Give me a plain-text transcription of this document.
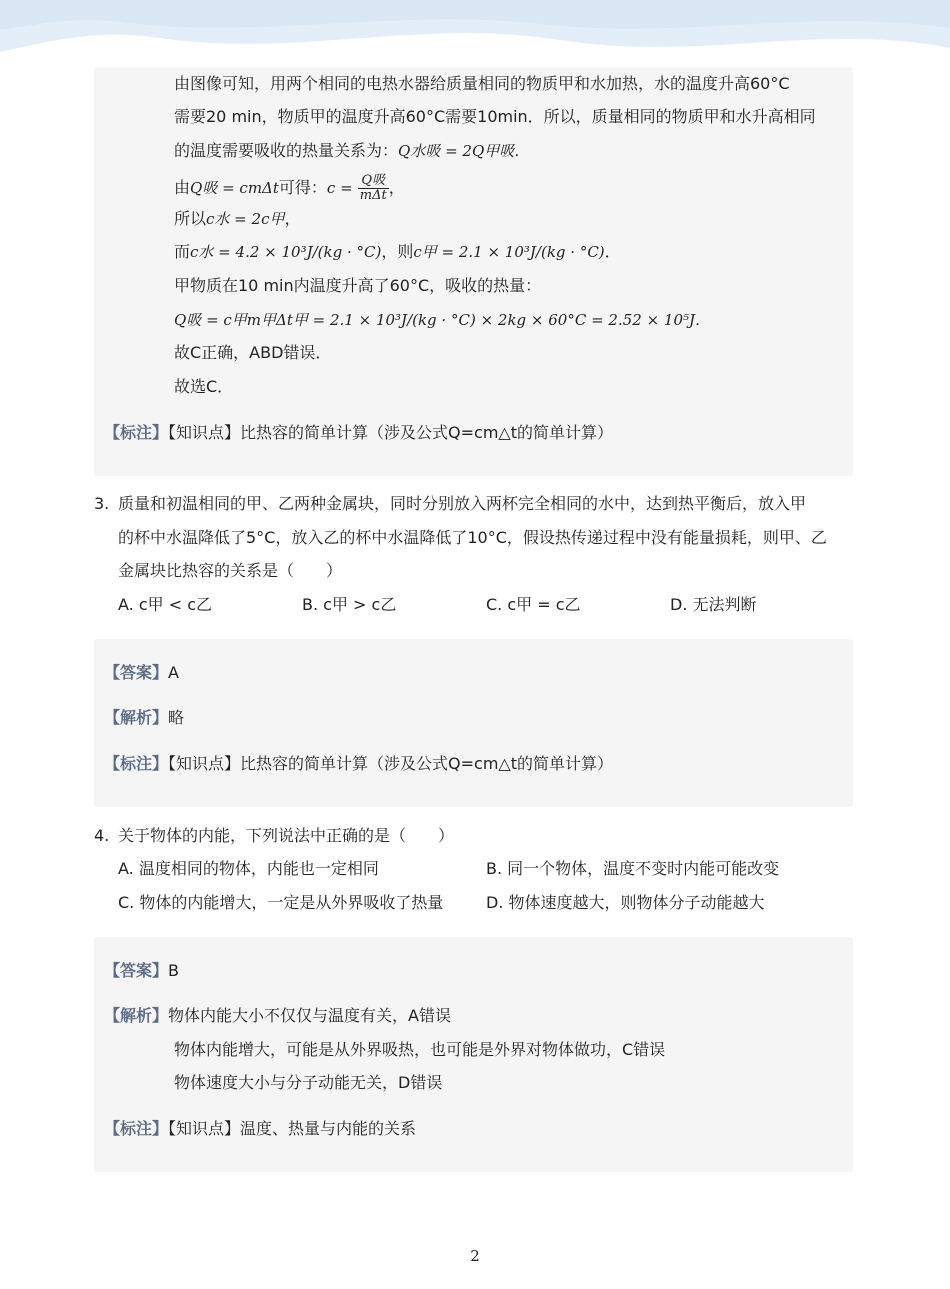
由图像可知，用两个相同的电热水器给质量相同的物质甲和水加热，水的温度升高60°C
需要20 min，物质甲的温度升高60°C需要10min．所以，质量相同的物质甲和水升高相同
的温度需要吸收的热量关系为：Q水吸 = 2Q甲吸．
由Q吸 = cmΔt可得：$c = \frac{\text{Q吸}}{\text{mΔt}}$ ，
所以c水 = 2c甲，
而c水 = 4.2 × 10³J/(kg · °C)，则c甲 = 2.1 × 10³J/(kg · °C)．
甲物质在10 min内温度升高了60°C，吸收的热量：
Q吸 = c甲m甲Δt甲 = 2.1 × 10³J/(kg · °C) × 2kg × 60°C = 2.52 × 10⁵J．
故C正确，ABD错误．
故选C．
【标注】【知识点】比热容的简单计算（涉及公式Q=cm△t的简单计算）
3. 质量和初温相同的甲、乙两种金属块，同时分别放入两杯完全相同的水中，达到热平衡后，放入甲
的杯中水温降低了5°C，放入乙的杯中水温降低了10°C，假设热传递过程中没有能量损耗，则甲、乙
金属块比热容的关系是（　　）
A. c甲 < c乙	B. c甲 > c乙	C. c甲 = c乙	D. 无法判断
【答案】A
【解析】略
【标注】【知识点】比热容的简单计算（涉及公式Q=cm△t的简单计算）
4. 关于物体的内能，下列说法中正确的是（　　）
A. 温度相同的物体，内能也一定相同	B. 同一个物体，温度不变时内能可能改变
C. 物体的内能增大，一定是从外界吸收了热量	D. 物体速度越大，则物体分子动能越大
【答案】B
【解析】物体内能大小不仅仅与温度有关，A错误
物体内能增大，可能是从外界吸热，也可能是外界对物体做功，C错误
物体速度大小与分子动能无关，D错误
【标注】【知识点】温度、热量与内能的关系
2
